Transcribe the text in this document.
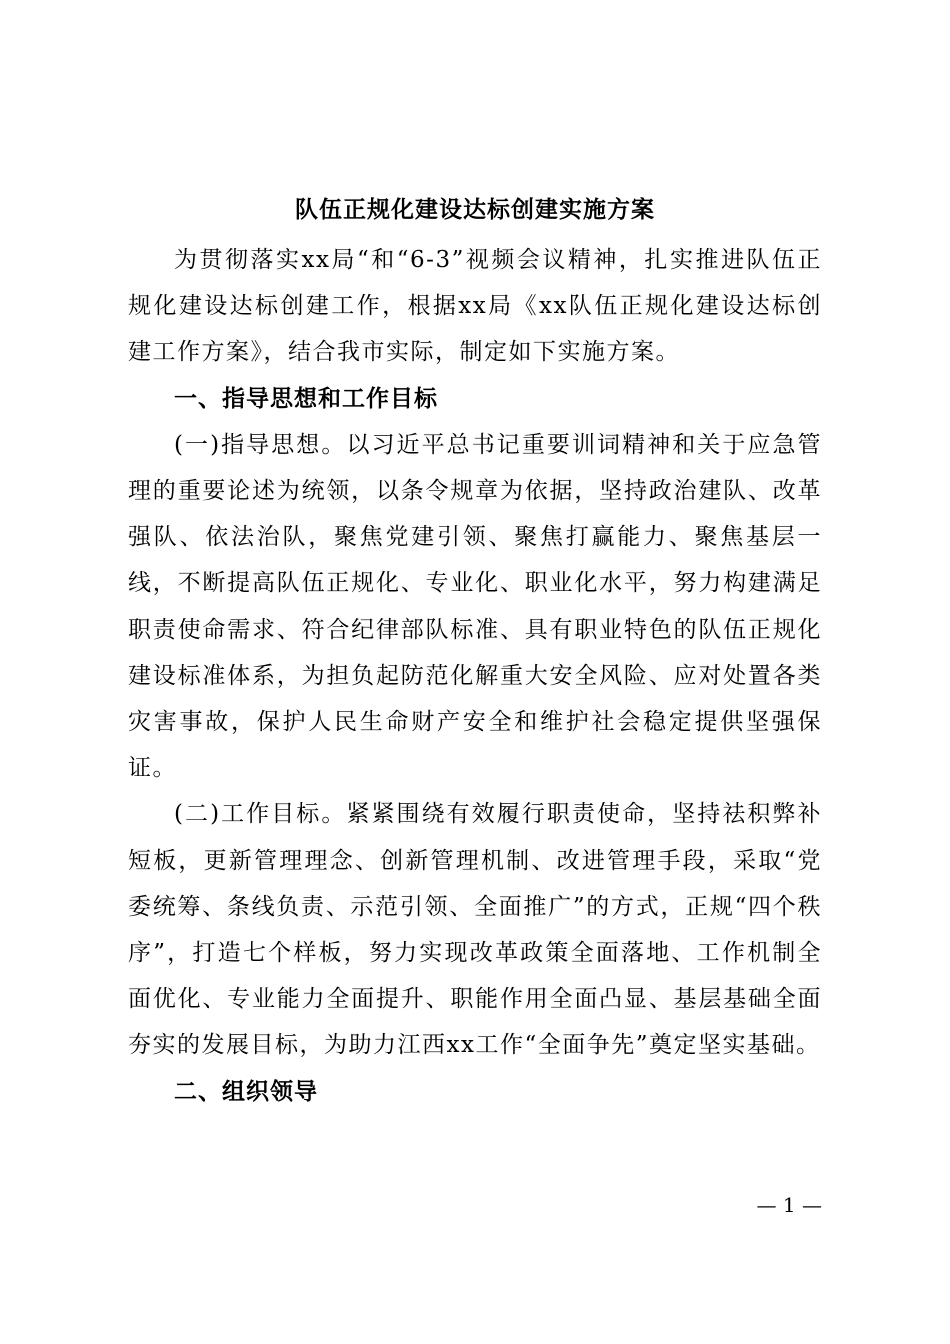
队伍正规化建设达标创建实施方案

为贯彻落实xx局“和“6-3”视频会议精神，扎实推进队伍正规化建设达标创建工作，根据xx局《xx队伍正规化建设达标创建工作方案》，结合我市实际，制定如下实施方案。

一、指导思想和工作目标

(一)指导思想。以习近平总书记重要训词精神和关于应急管理的重要论述为统领，以条令规章为依据，坚持政治建队、改革强队、依法治队，聚焦党建引领、聚焦打赢能力、聚焦基层一线，不断提高队伍正规化、专业化、职业化水平，努力构建满足职责使命需求、符合纪律部队标准、具有职业特色的队伍正规化建设标准体系，为担负起防范化解重大安全风险、应对处置各类灾害事故，保护人民生命财产安全和维护社会稳定提供坚强保证。

(二)工作目标。紧紧围绕有效履行职责使命，坚持祛积弊补短板，更新管理理念、创新管理机制、改进管理手段，采取“党委统筹、条线负责、示范引领、全面推广”的方式，正规“四个秩序”，打造七个样板，努力实现改革政策全面落地、工作机制全面优化、专业能力全面提升、职能作用全面凸显、基层基础全面夯实的发展目标，为助力江西xx工作“全面争先”奠定坚实基础。

二、组织领导

— 1 —
